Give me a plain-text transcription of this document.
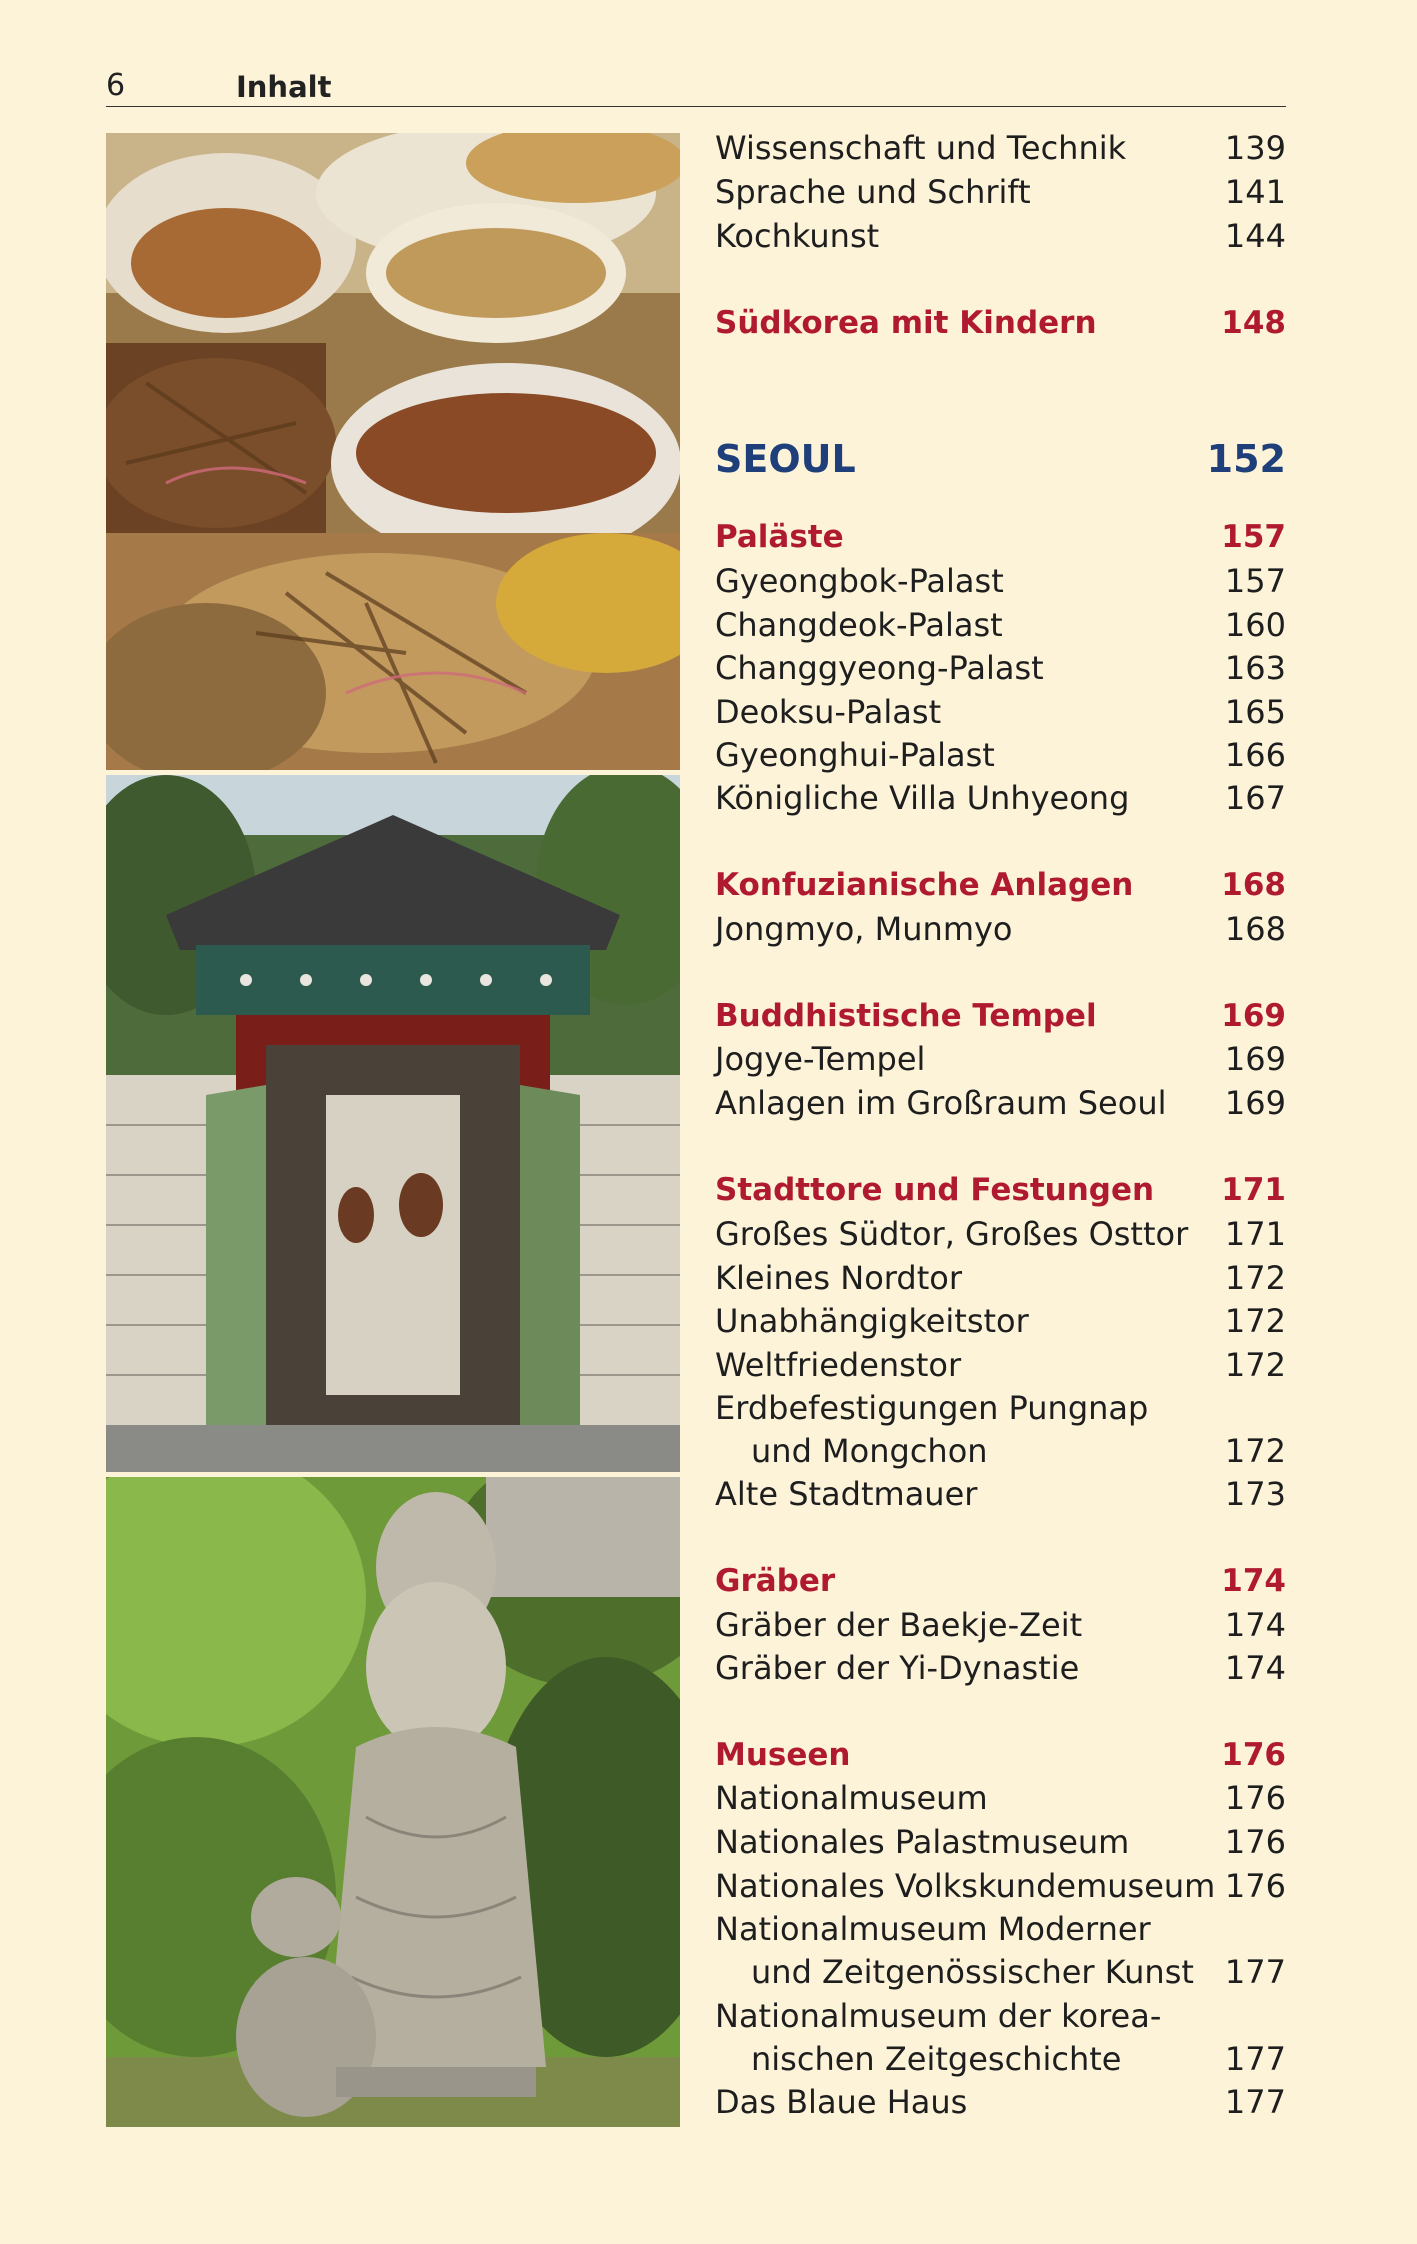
6	Inhalt
Wissenschaft und Technik	139
Sprache und Schrift	141
Kochkunst	144
Südkorea mit Kindern	148
SEOUL	152
Paläste	157
Gyeongbok-Palast	157
Changdeok-Palast	160
Changgyeong-Palast	163
Deoksu-Palast	165
Gyeonghui-Palast	166
Königliche Villa Unhyeong	167
Konfuzianische Anlagen	168
Jongmyo, Munmyo	168
Buddhistische Tempel	169
Jogye-Tempel	169
Anlagen im Großraum Seoul 169
Stadttore und Festungen 171
Großes Südtor, Großes Osttor 171
Kleines Nordtor	172
Unabhängigkeitstor	172
Weltfriedenstor	172
Erdbefestigungen Pungnap
und Mongchon	172
Alte Stadtmauer	173
Gräber	174
Gräber der Baekje-Zeit	174
Gräber der Yi-Dynastie	174
Museen	176
Nationalmuseum	176
Nationales Palastmuseum	176
Nationales Volkskundemuseum 176
Nationalmuseum Moderner
und Zeitgenössischer Kunst 177
Nationalmuseum der korea-
nischen Zeitgeschichte	177
Das Blaue Haus	177
